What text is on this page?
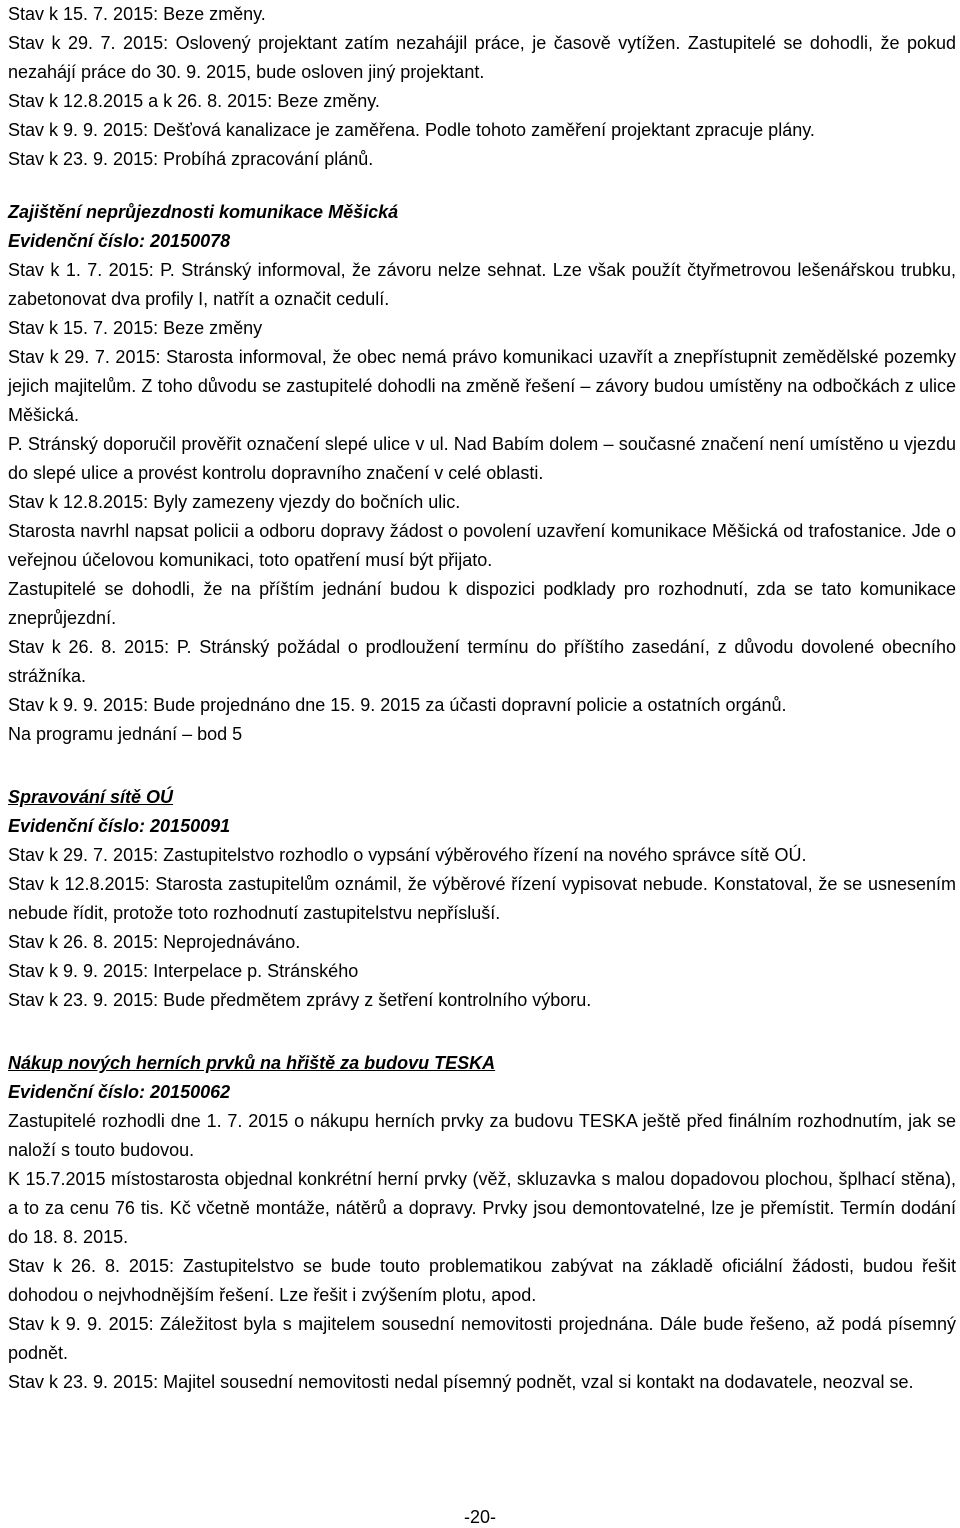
Stav k 15. 7. 2015: Beze změny.

Stav k 29. 7. 2015: Oslovený projektant zatím nezahájil práce, je časově vytížen. Zastupitelé se dohodli, že pokud nezahájí práce do 30. 9. 2015, bude osloven jiný projektant.

Stav k 12.8.2015 a k 26. 8. 2015: Beze změny.

Stav k 9. 9. 2015: Dešťová kanalizace je zaměřena. Podle tohoto zaměření projektant zpracuje plány.

Stav k 23. 9. 2015: Probíhá zpracování plánů.

Zajištění neprůjezdnosti komunikace Měšická
Evidenční číslo: 20150078

Stav k 1. 7. 2015: P. Stránský informoval, že závoru nelze sehnat. Lze však použít čtyřmetrovou lešenářskou trubku, zabetonovat dva profily I, natřít a označit cedulí.

Stav k 15. 7. 2015: Beze změny

Stav k 29. 7. 2015: Starosta informoval, že obec nemá právo komunikaci uzavřít a znepřístupnit zemědělské pozemky jejich majitelům. Z toho důvodu se zastupitelé dohodli na změně řešení – závory budou umístěny na odbočkách z ulice Měšická.

P. Stránský doporučil prověřit označení slepé ulice v ul. Nad Babím dolem – současné značení není umístěno u vjezdu do slepé ulice a provést kontrolu dopravního značení v celé oblasti.

Stav k 12.8.2015: Byly zamezeny vjezdy do bočních ulic.

Starosta navrhl napsat policii a odboru dopravy žádost o povolení uzavření komunikace Měšická od trafostanice. Jde o veřejnou účelovou komunikaci, toto opatření musí být přijato.

Zastupitelé se dohodli, že na příštím jednání budou k dispozici podklady pro rozhodnutí, zda se tato komunikace zneprůjezdní.

Stav k 26. 8. 2015: P. Stránský požádal o prodloužení termínu do příštího zasedání, z důvodu dovolené obecního strážníka.

Stav k 9. 9. 2015: Bude projednáno dne 15. 9. 2015 za účasti dopravní policie a ostatních orgánů.

Na programu jednání – bod 5

Spravování sítě OÚ
Evidenční číslo: 20150091

Stav k 29. 7. 2015: Zastupitelstvo rozhodlo o vypsání výběrového řízení na nového správce sítě OÚ.

Stav k 12.8.2015: Starosta zastupitelům oznámil, že výběrové řízení vypisovat nebude. Konstatoval, že se usnesením nebude řídit, protože toto rozhodnutí zastupitelstvu nepřísluší.

Stav k 26. 8. 2015: Neprojednáváno.

Stav k 9. 9. 2015: Interpelace p. Stránského

Stav k 23. 9. 2015: Bude předmětem zprávy z šetření kontrolního výboru.

Nákup nových herních prvků na hřiště za budovu TESKA
Evidenční číslo: 20150062

Zastupitelé rozhodli dne 1. 7. 2015 o nákupu herních prvky za budovu TESKA ještě před finálním rozhodnutím, jak se naloží s touto budovou.

K 15.7.2015 místostarosta objednal konkrétní herní prvky (věž, skluzavka s malou dopadovou plochou, šplhací stěna), a to za cenu 76 tis. Kč včetně montáže, nátěrů a dopravy. Prvky jsou demontovatelné, lze je přemístit. Termín dodání do 18. 8. 2015.

Stav k 26. 8. 2015: Zastupitelstvo se bude touto problematikou zabývat na základě oficiální žádosti, budou řešit dohodou o nejvhodnějším řešení. Lze řešit i zvýšením plotu, apod.

Stav k 9. 9. 2015: Záležitost byla s majitelem sousední nemovitosti projednána. Dále bude řešeno, až podá písemný podnět.

Stav k 23. 9. 2015: Majitel sousední nemovitosti nedal písemný podnět, vzal si kontakt na dodavatele, neozval se.

-20-
